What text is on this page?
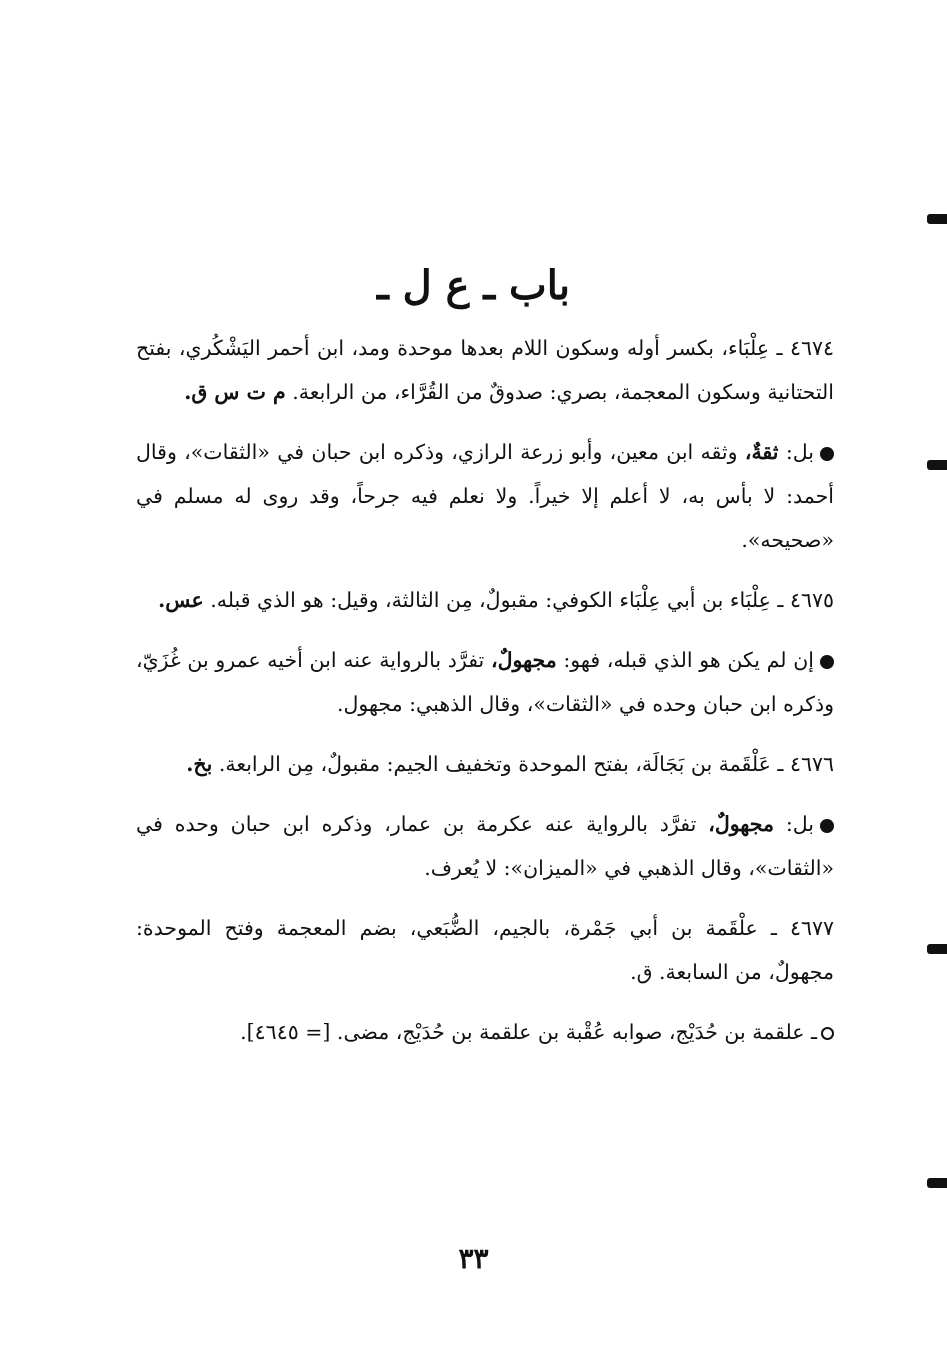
باب ـ ع ل ـ

٤٦٧٤ ـ عِلْبَاء، بكسر أوله وسكون اللام بعدها موحدة ومد، ابن أحمر اليَشْكُري، بفتح التحتانية وسكون المعجمة، بصري: صدوقٌ من القُرَّاء، من الرابعة. م ت س ق.

بل: ثقةٌ، وثقه ابن معين، وأبو زرعة الرازي، وذكره ابن حبان في «الثقات»، وقال أحمد: لا بأس به، لا أعلم إلا خيراً. ولا نعلم فيه جرحاً، وقد روى له مسلم في «صحيحه».

٤٦٧٥ ـ عِلْبَاء بن أبي عِلْبَاء الكوفي: مقبولٌ، مِن الثالثة، وقيل: هو الذي قبله. عس.

إن لم يكن هو الذي قبله، فهو: مجهولٌ، تفرَّد بالرواية عنه ابن أخيه عمرو بن غُزَيّ، وذكره ابن حبان وحده في «الثقات»، وقال الذهبي: مجهول.

٤٦٧٦ ـ عَلْقَمة بن بَجَالَة، بفتح الموحدة وتخفيف الجيم: مقبولٌ، مِن الرابعة. بخ.

بل: مجهولٌ، تفرَّد بالرواية عنه عكرمة بن عمار، وذكره ابن حبان وحده في «الثقات»، وقال الذهبي في «الميزان»: لا يُعرف.

٤٦٧٧ ـ علْقَمة بن أبي جَمْرة، بالجيم، الضُّبَعي، بضم المعجمة وفتح الموحدة: مجهولٌ، من السابعة. ق.

ـ علقمة بن حُدَيْج، صوابه عُقْبة بن علقمة بن حُدَيْج، مضى. [= ٤٦٤٥].

٣٣
